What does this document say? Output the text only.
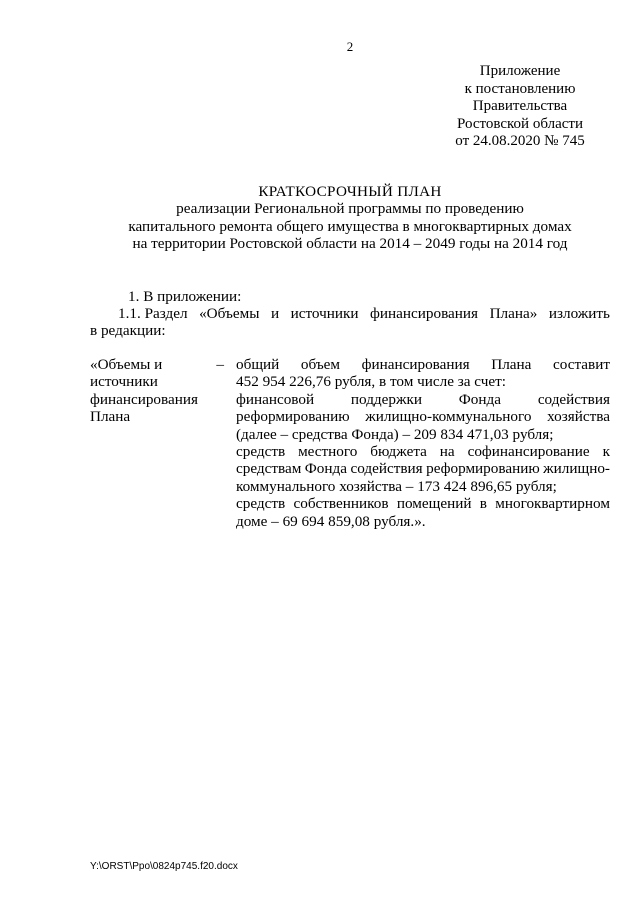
2
Приложение
к постановлению
Правительства
Ростовской области
от 24.08.2020 № 745
КРАТКОСРОЧНЫЙ ПЛАН
реализации Региональной программы по проведению
капитального ремонта общего имущества в многоквартирных домах
на территории Ростовской области на 2014 – 2049 годы на 2014 год
1. В приложении:
1.1. Раздел «Объемы и источники финансирования Плана» изложить
в редакции:
«Объемы и
источники
финансирования
Плана
– общий объем финансирования Плана составит
452 954 226,76 рубля, в том числе за счет:
финансовой поддержки Фонда содействия
реформированию жилищно-коммунального хозяйства
(далее – средства Фонда) – 209 834 471,03 рубля;
средств местного бюджета на софинансирование к
средствам Фонда содействия реформированию жилищно-
коммунального хозяйства – 173 424 896,65 рубля;
средств собственников помещений в многоквартирном
доме – 69 694 859,08 рубля.».
Y:\ORST\Ppo\0824p745.f20.docx
